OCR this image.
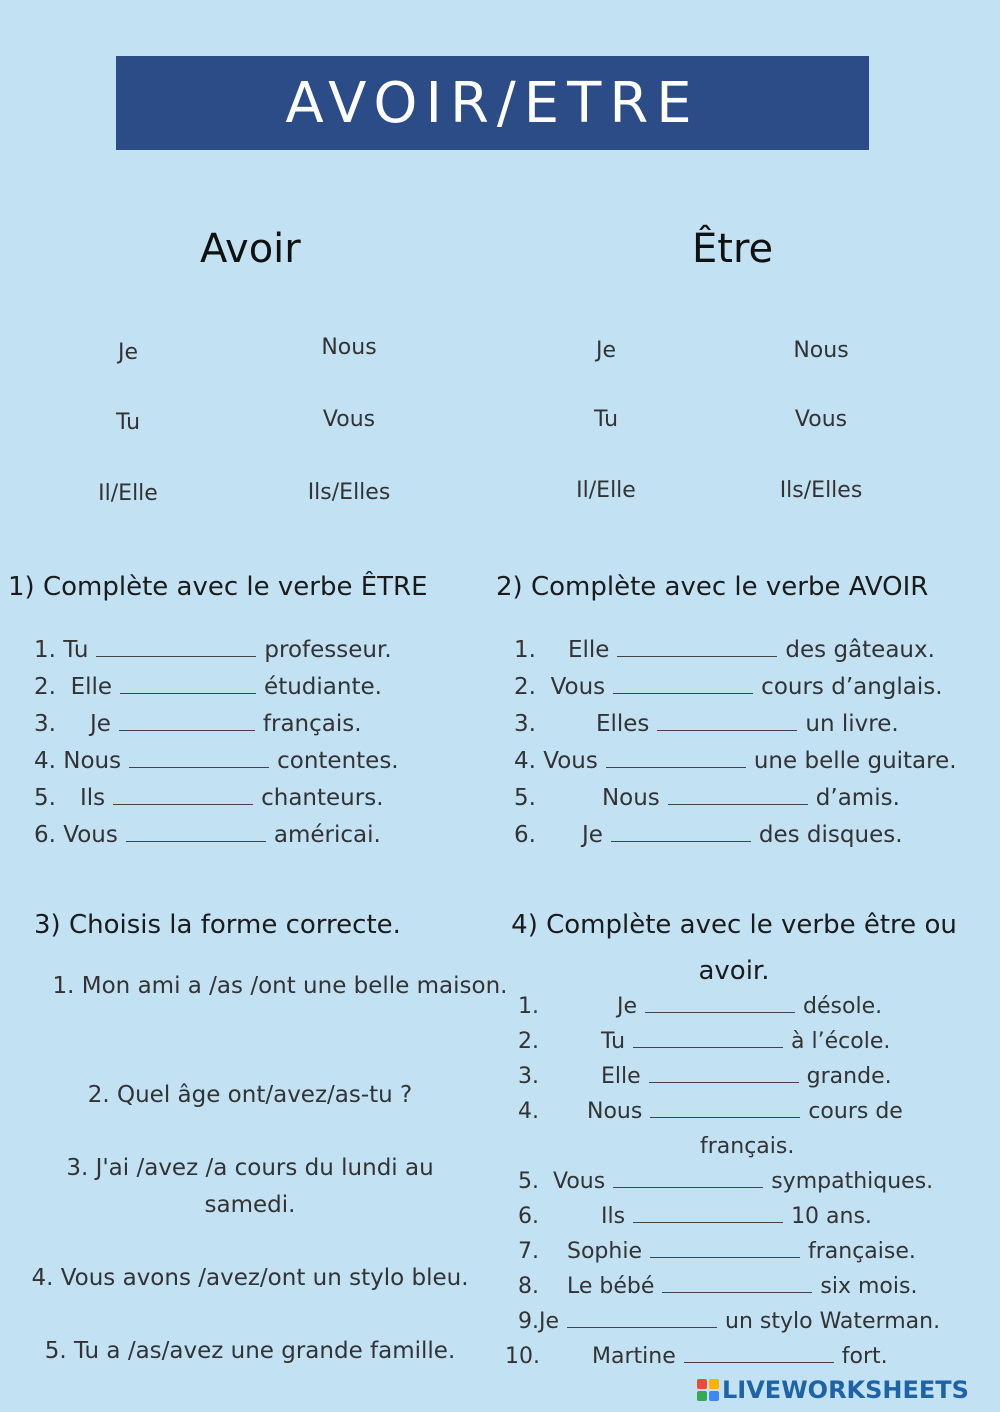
AVOIR/ETRE
Avoir	Être
Je	Nous
Tu	Vous
Il/Elle	Ils/Elles
Je	Nous
Tu	Vous
Il/Elle	Ils/Elles
1) Complète avec le verbe ÊTRE
1.
Tu	professeur.
2.
Elle	étudiante.
3. Je	français.
4.
Nous	contentes.
5. Ils	chanteurs.
6.
Vous	américai.
2) Complète avec le verbe AVOIR
1. Elle	des gâteaux.
2.
Vous	cours d’anglais.
3.	Elles	un livre.
4.
Vous	une belle guitare.
5.	Nous	d’amis.
6. Je	des disques.
3) Choisis la forme correcte.
1. Mon ami a /as /ont une belle maison.
2. Quel âge ont/avez/as-tu ?
3. J'ai /avez /a cours du lundi au samedi.
4. Vous avons /avez/ont un stylo bleu.
5. Tu a /as/avez une grande famille.
4) Complète avec le verbe être ou avoir.
1.	Je	désole.
2.	Tu	à l’école.
3.	Elle	grande.
4. Nous	cours de
français.
5.
Vous	sympathiques.
6.	Ils	10 ans.
7. Sophie	française.
8. Le bébé	six mois.
9. Je	un stylo Waterman.
10. Martine	fort.
LIVEWORKSHEETS
